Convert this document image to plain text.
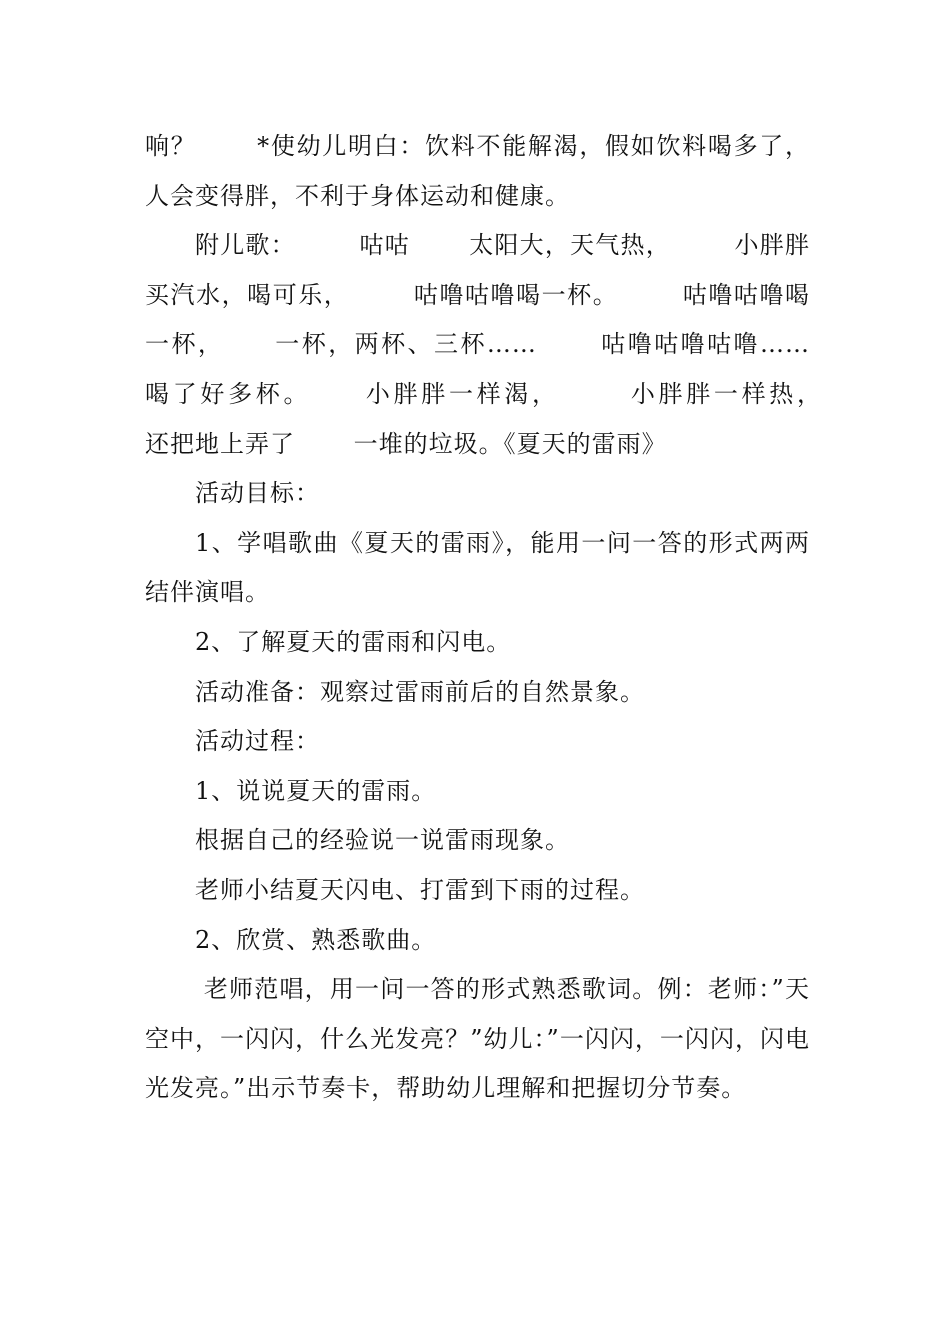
响？　　 *使幼儿明白：饮料不能解渴，假如饮料喝多了，人会变得胖，不利于身体运动和健康。

附儿歌：　　　咕咕　　 太阳大，天气热，　　　小胖胖　　 买汽水，喝可乐，　　　咕噜咕噜喝一杯。　　　咕噜咕噜喝一杯，　　 一杯，两杯、三杯……　　 咕噜咕噜咕噜……　　 喝了好多杯。　　 小胖胖一样渴，　　　小胖胖一样热，　　　还把地上弄了　　 一堆的垃圾。《夏天的雷雨》

活动目标：

1、学唱歌曲《夏天的雷雨》，能用一问一答的形式两两结伴演唱。

2、了解夏天的雷雨和闪电。

活动准备：观察过雷雨前后的自然景象。

活动过程：

1、说说夏天的雷雨。

根据自己的经验说一说雷雨现象。

老师小结夏天闪电、打雷到下雨的过程。

2、欣赏、熟悉歌曲。

老师范唱，用一问一答的形式熟悉歌词。例：老师：”天空中，一闪闪，什么光发亮？”幼儿：”一闪闪，一闪闪，闪电光发亮。”出示节奏卡，帮助幼儿理解和把握切分节奏。
